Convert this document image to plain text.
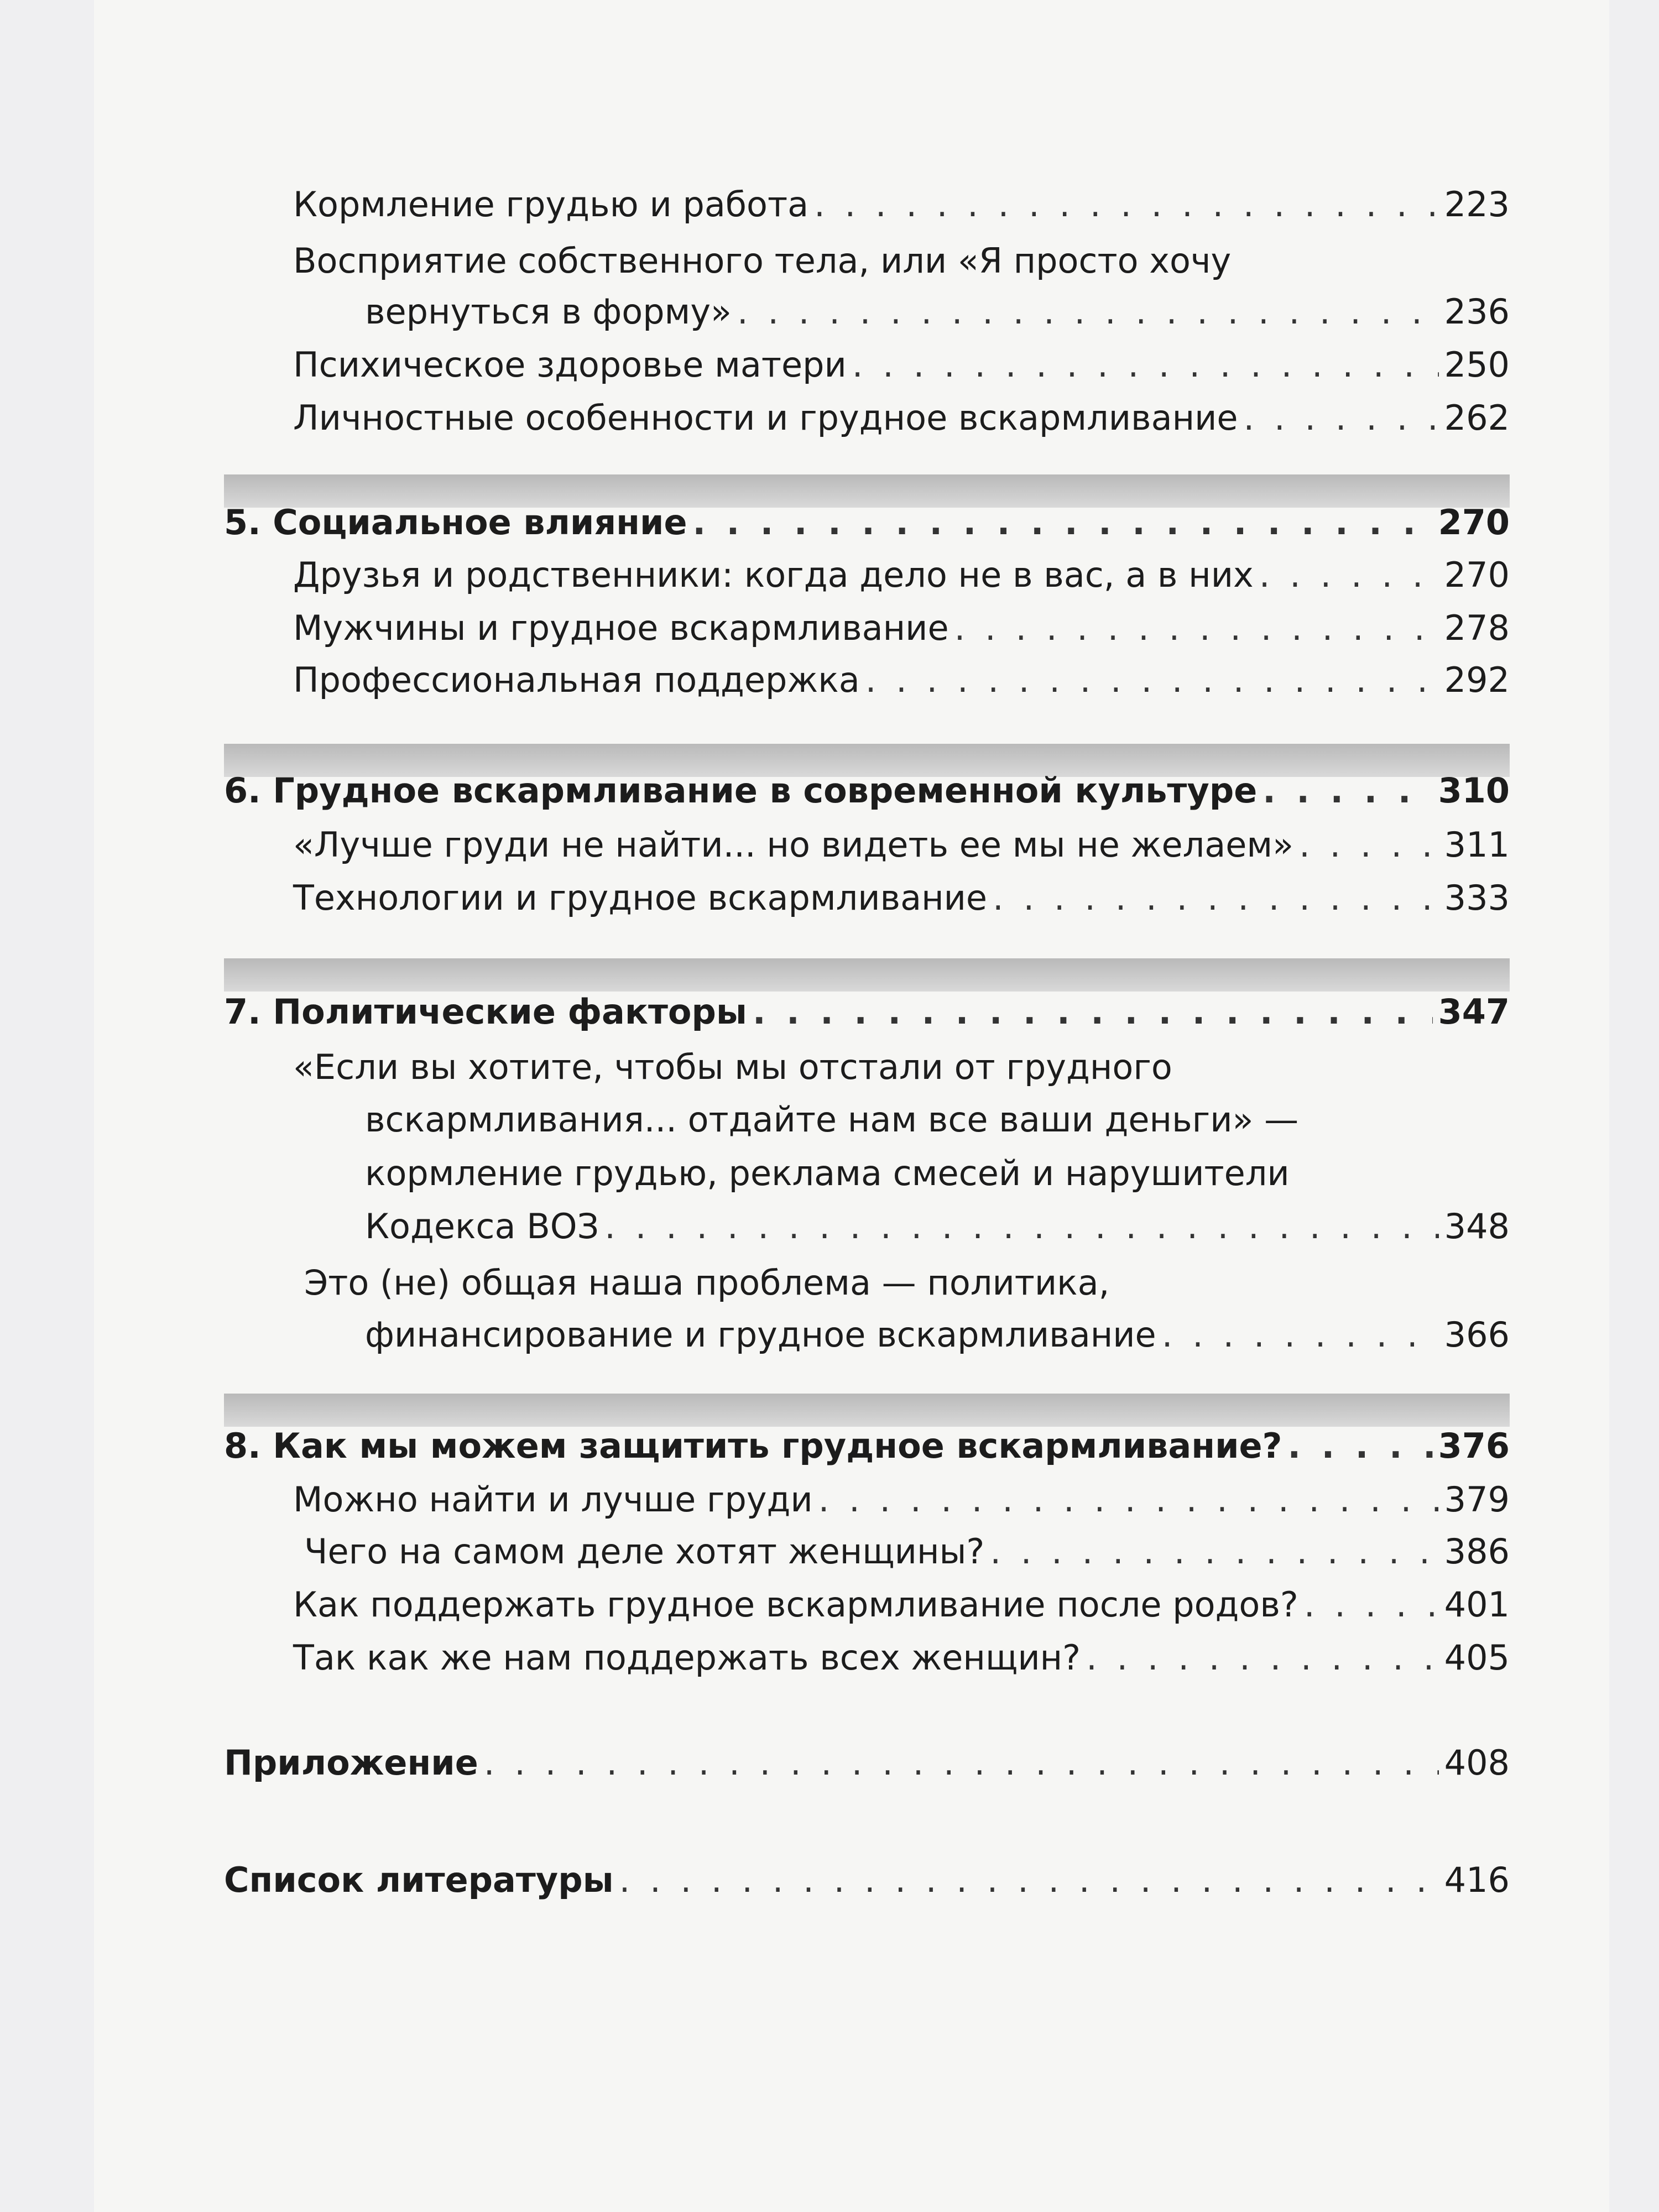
Кормление грудью и работа . . .	223
Восприятие собственного тела, или «Я просто хочу
вернуться в форму» . . .	236
Психическое здоровье матери . . .	250
Личностные особенности и грудное вскармливание . . .	262
5. Социальное влияние . . .	270
Друзья и родственники: когда дело не в вас, а в них . . .	270
Мужчины и грудное вскармливание . . .	278
Профессиональная поддержка . . .	292
6. Грудное вскармливание в современной культуре . . .	310
«Лучше груди не найти... но видеть ее мы не желаем» . . .	311
Технологии и грудное вскармливание . . .	333
7. Политические факторы . . .	347
«Если вы хотите, чтобы мы отстали от грудного
вскармливания... отдайте нам все ваши деньги» —
кормление грудью, реклама смесей и нарушители
Кодекса ВОЗ . . .	348
Это (не) общая наша проблема — политика,
финансирование и грудное вскармливание . . .	366
8. Как мы можем защитить грудное вскармливание? . . .	376
Можно найти и лучше груди . . .	379
Чего на самом деле хотят женщины? . . .	386
Как поддержать грудное вскармливание после родов? . . .	401
Так как же нам поддержать всех женщин? . . .	405
Приложение . . .	408
Список литературы . . .	416
